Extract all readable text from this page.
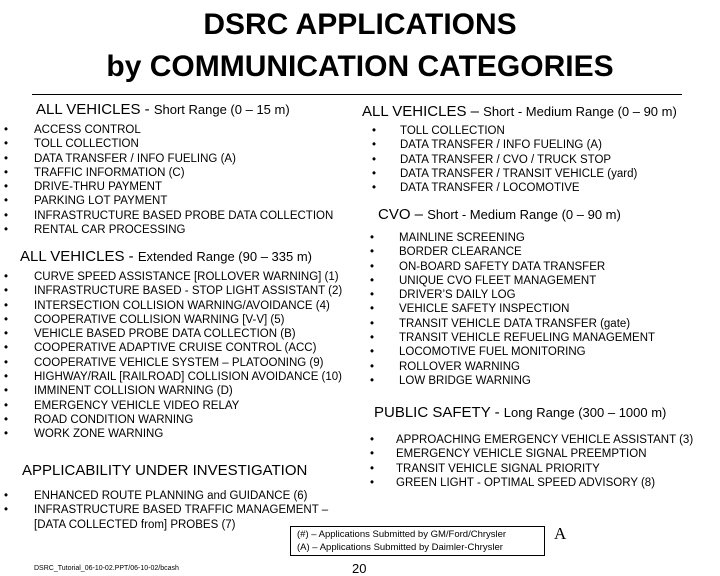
DSRC APPLICATIONS
by COMMUNICATION CATEGORIES
ALL VEHICLES - Short Range (0 – 15 m)
ACCESS CONTROL
TOLL COLLECTION
DATA TRANSFER / INFO FUELING (A)
TRAFFIC INFORMATION (C)
DRIVE-THRU PAYMENT
PARKING LOT PAYMENT
INFRASTRUCTURE BASED PROBE DATA COLLECTION
RENTAL CAR PROCESSING
ALL VEHICLES - Extended Range (90 – 335 m)
CURVE SPEED ASSISTANCE [ROLLOVER WARNING] (1)
INFRASTRUCTURE BASED - STOP LIGHT ASSISTANT (2)
INTERSECTION COLLISION WARNING/AVOIDANCE (4)
COOPERATIVE COLLISION WARNING [V-V] (5)
VEHICLE BASED PROBE DATA COLLECTION (B)
COOPERATIVE ADAPTIVE CRUISE CONTROL (ACC)
COOPERATIVE VEHICLE SYSTEM – PLATOONING (9)
HIGHWAY/RAIL [RAILROAD] COLLISION AVOIDANCE (10)
IMMINENT COLLISION WARNING (D)
EMERGENCY VEHICLE VIDEO RELAY
ROAD CONDITION WARNING
WORK ZONE WARNING
APPLICABILITY UNDER INVESTIGATION
ENHANCED ROUTE PLANNING and GUIDANCE (6)
INFRASTRUCTURE BASED TRAFFIC MANAGEMENT –
[DATA COLLECTED from] PROBES (7)
ALL VEHICLES – Short - Medium Range (0 – 90 m)
TOLL COLLECTION
DATA TRANSFER / INFO FUELING (A)
DATA TRANSFER / CVO / TRUCK STOP
DATA TRANSFER / TRANSIT VEHICLE (yard)
DATA TRANSFER / LOCOMOTIVE
CVO – Short - Medium Range (0 – 90 m)
MAINLINE SCREENING
BORDER CLEARANCE
ON-BOARD SAFETY DATA TRANSFER
UNIQUE CVO FLEET MANAGEMENT
DRIVER’S DAILY LOG
VEHICLE SAFETY INSPECTION
TRANSIT VEHICLE DATA TRANSFER (gate)
TRANSIT VEHICLE REFUELING MANAGEMENT
LOCOMOTIVE FUEL MONITORING
ROLLOVER WARNING
LOW BRIDGE WARNING
PUBLIC SAFETY - Long Range (300 – 1000 m)
APPROACHING EMERGENCY VEHICLE ASSISTANT (3)
EMERGENCY VEHICLE SIGNAL PREEMPTION
TRANSIT VEHICLE SIGNAL PRIORITY
GREEN LIGHT - OPTIMAL SPEED ADVISORY (8)
(#) – Applications Submitted by GM/Ford/Chrysler
(A) – Applications Submitted by Daimler-Chrysler
A
DSRC_Tutorial_06-10-02.PPT/06-10-02/bcash	20
